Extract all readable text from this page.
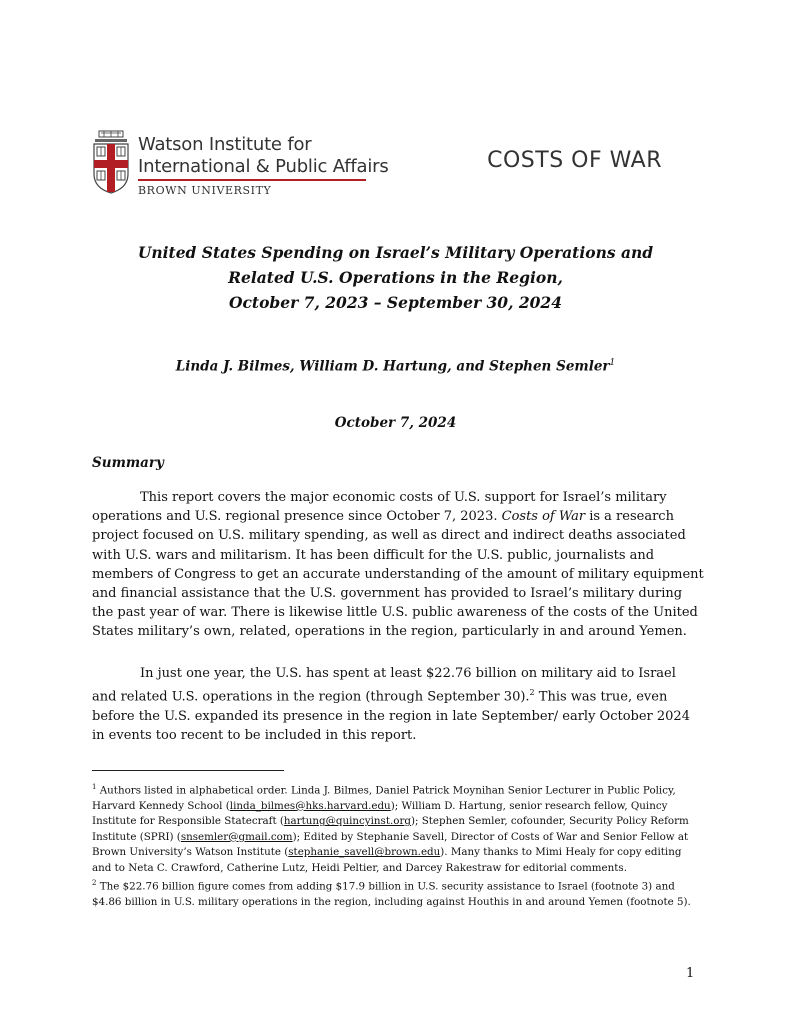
Watson Institute for
International & Public Affairs
BROWN UNIVERSITY
COSTS OF WAR
United States Spending on Israel’s Military Operations and
Related U.S. Operations in the Region,
October 7, 2023 – September 30, 2024
Linda J. Bilmes, William D. Hartung, and Stephen Semler$^1$
October 7, 2024
Summary
This report covers the major economic costs of U.S. support for Israel’s military operations and U.S. regional presence since October 7, 2023. Costs of War is a research project focused on U.S. military spending, as well as direct and indirect deaths associated with U.S. wars and militarism. It has been difficult for the U.S. public, journalists and members of Congress to get an accurate understanding of the amount of military equipment and financial assistance that the U.S. government has provided to Israel’s military during the past year of war. There is likewise little U.S. public awareness of the costs of the United States military’s own, related, operations in the region, particularly in and around Yemen.
In just one year, the U.S. has spent at least $22.76 billion on military aid to Israel and related U.S. operations in the region (through September 30).$^2$ This was true, even before the U.S. expanded its presence in the region in late September/ early October 2024 in events too recent to be included in this report.

$^1$ Authors listed in alphabetical order. Linda J. Bilmes, Daniel Patrick Moynihan Senior Lecturer in Public Policy, Harvard Kennedy School (linda_bilmes@hks.harvard.edu); William D. Hartung, senior research fellow, Quincy Institute for Responsible Statecraft (hartung@quincyinst.org); Stephen Semler, cofounder, Security Policy Reform Institute (SPRI) (snsemler@gmail.com); Edited by Stephanie Savell, Director of Costs of War and Senior Fellow at Brown University’s Watson Institute (stephanie_savell@brown.edu). Many thanks to Mimi Healy for copy editing and to Neta C. Crawford, Catherine Lutz, Heidi Peltier, and Darcey Rakestraw for editorial comments.

$^2$ The $22.76 billion figure comes from adding $17.9 billion in U.S. security assistance to Israel (footnote 3) and $4.86 billion in U.S. military operations in the region, including against Houthis in and around Yemen (footnote 5).

1
